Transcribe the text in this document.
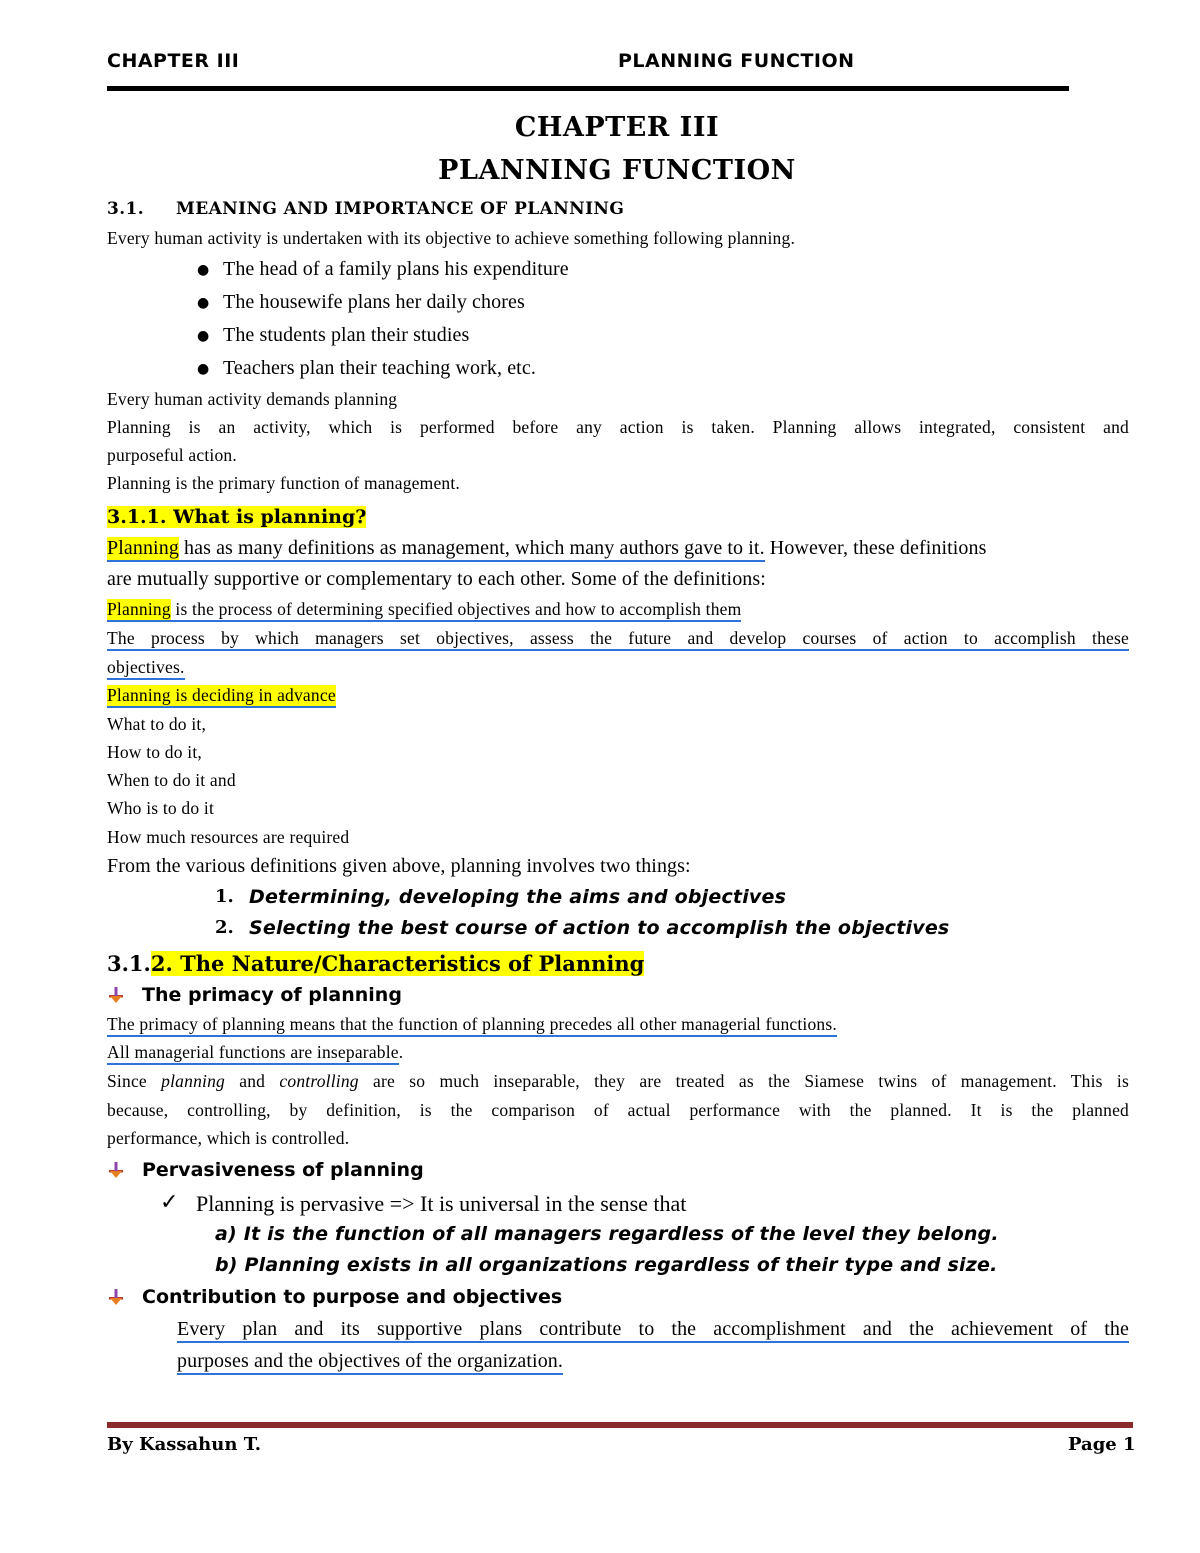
CHAPTER III	PLANNING FUNCTION
CHAPTER III
PLANNING FUNCTION
3.1. MEANING AND IMPORTANCE OF PLANNING
Every human activity is undertaken with its objective to achieve something following planning.
● The head of a family plans his expenditure
● The housewife plans her daily chores
● The students plan their studies
● Teachers plan their teaching work, etc.
Every human activity demands planning
Planning is an activity, which is performed before any action is taken. Planning allows integrated, consistent and
purposeful action.
Planning is the primary function of management.
3.1.1. What is planning?
Planning has as many definitions as management, which many authors gave to it. However, these definitions
are mutually supportive or complementary to each other. Some of the definitions:
Planning is the process of determining specified objectives and how to accomplish them
The process by which managers set objectives, assess the future and develop courses of action to accomplish these
objectives.
Planning is deciding in advance
What to do it,
How to do it,
When to do it and
Who is to do it
How much resources are required
From the various definitions given above, planning involves two things:
1. Determining, developing the aims and objectives
2. Selecting the best course of action to accomplish the objectives
3.1.2. The Nature/Characteristics of Planning
The primacy of planning
The primacy of planning means that the function of planning precedes all other managerial functions.
All managerial functions are inseparable.
Since planning and controlling are so much inseparable, they are treated as the Siamese twins of management. This is
because, controlling, by definition, is the comparison of actual performance with the planned. It is the planned
performance, which is controlled.
Pervasiveness of planning
✓ Planning is pervasive => It is universal in the sense that
a) It is the function of all managers regardless of the level they belong.
b) Planning exists in all organizations regardless of their type and size.
Contribution to purpose and objectives
Every plan and its supportive plans contribute to the accomplishment and the achievement of the
purposes and the objectives of the organization.
By Kassahun T.	Page 1
